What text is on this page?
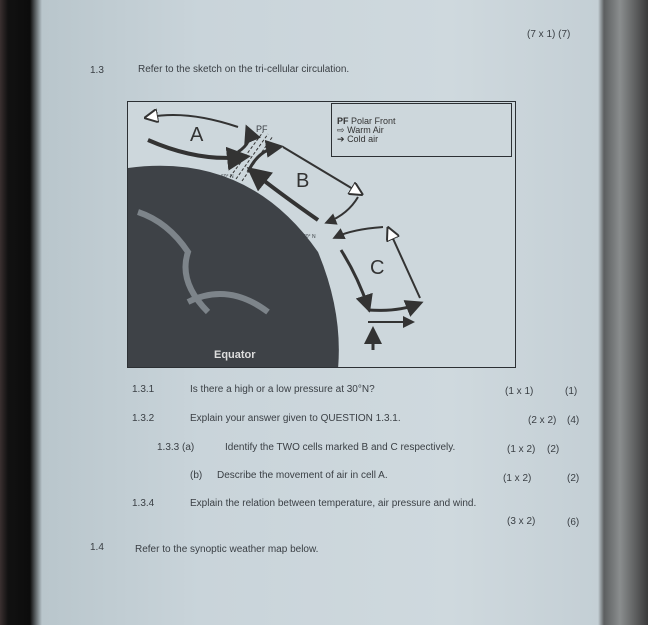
(7 x 1) (7)
1.3	Refer to the sketch on the tri-cellular circulation.
A
B
C
PF
60° N
30° N
Equator
PF Polar Front
⇨ Warm Air
➔ Cold air
1.3.1	Is there a high or a low pressure at 30°N?	(1 x 1)	(1)
1.3.2	Explain your answer given to QUESTION 1.3.1.	(2 x 2) (4)
1.3.3 (a)	Identify the TWO cells marked B and C respectively.	(1 x 2) (2)
(b) Describe the movement of air in cell A.	(1 x 2)	(2)
1.3.4	Explain the relation between temperature, air pressure and wind.
(3 x 2)	(6)
1.4	Refer to the synoptic weather map below.
